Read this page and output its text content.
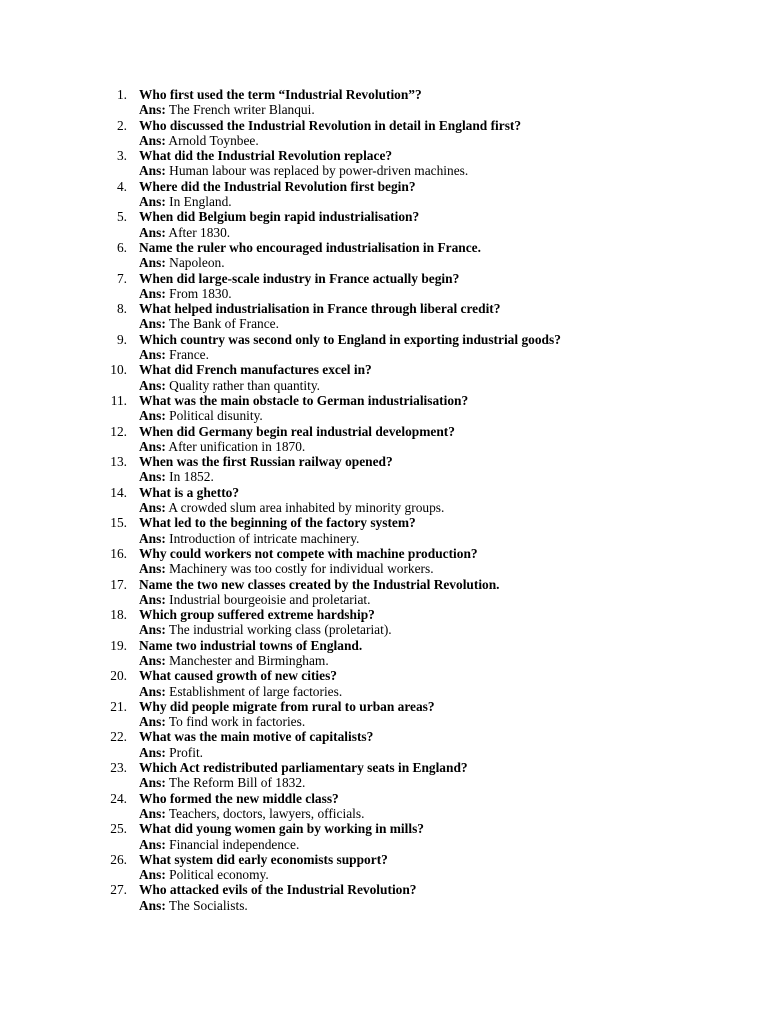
1. Who first used the term “Industrial Revolution”?
Ans: The French writer Blanqui.
2. Who discussed the Industrial Revolution in detail in England first?
Ans: Arnold Toynbee.
3. What did the Industrial Revolution replace?
Ans: Human labour was replaced by power-driven machines.
4. Where did the Industrial Revolution first begin?
Ans: In England.
5. When did Belgium begin rapid industrialisation?
Ans: After 1830.
6. Name the ruler who encouraged industrialisation in France.
Ans: Napoleon.
7. When did large-scale industry in France actually begin?
Ans: From 1830.
8. What helped industrialisation in France through liberal credit?
Ans: The Bank of France.
9. Which country was second only to England in exporting industrial goods?
Ans: France.
10. What did French manufactures excel in?
Ans: Quality rather than quantity.
11. What was the main obstacle to German industrialisation?
Ans: Political disunity.
12. When did Germany begin real industrial development?
Ans: After unification in 1870.
13. When was the first Russian railway opened?
Ans: In 1852.
14. What is a ghetto?
Ans: A crowded slum area inhabited by minority groups.
15. What led to the beginning of the factory system?
Ans: Introduction of intricate machinery.
16. Why could workers not compete with machine production?
Ans: Machinery was too costly for individual workers.
17. Name the two new classes created by the Industrial Revolution.
Ans: Industrial bourgeoisie and proletariat.
18. Which group suffered extreme hardship?
Ans: The industrial working class (proletariat).
19. Name two industrial towns of England.
Ans: Manchester and Birmingham.
20. What caused growth of new cities?
Ans: Establishment of large factories.
21. Why did people migrate from rural to urban areas?
Ans: To find work in factories.
22. What was the main motive of capitalists?
Ans: Profit.
23. Which Act redistributed parliamentary seats in England?
Ans: The Reform Bill of 1832.
24. Who formed the new middle class?
Ans: Teachers, doctors, lawyers, officials.
25. What did young women gain by working in mills?
Ans: Financial independence.
26. What system did early economists support?
Ans: Political economy.
27. Who attacked evils of the Industrial Revolution?
Ans: The Socialists.
